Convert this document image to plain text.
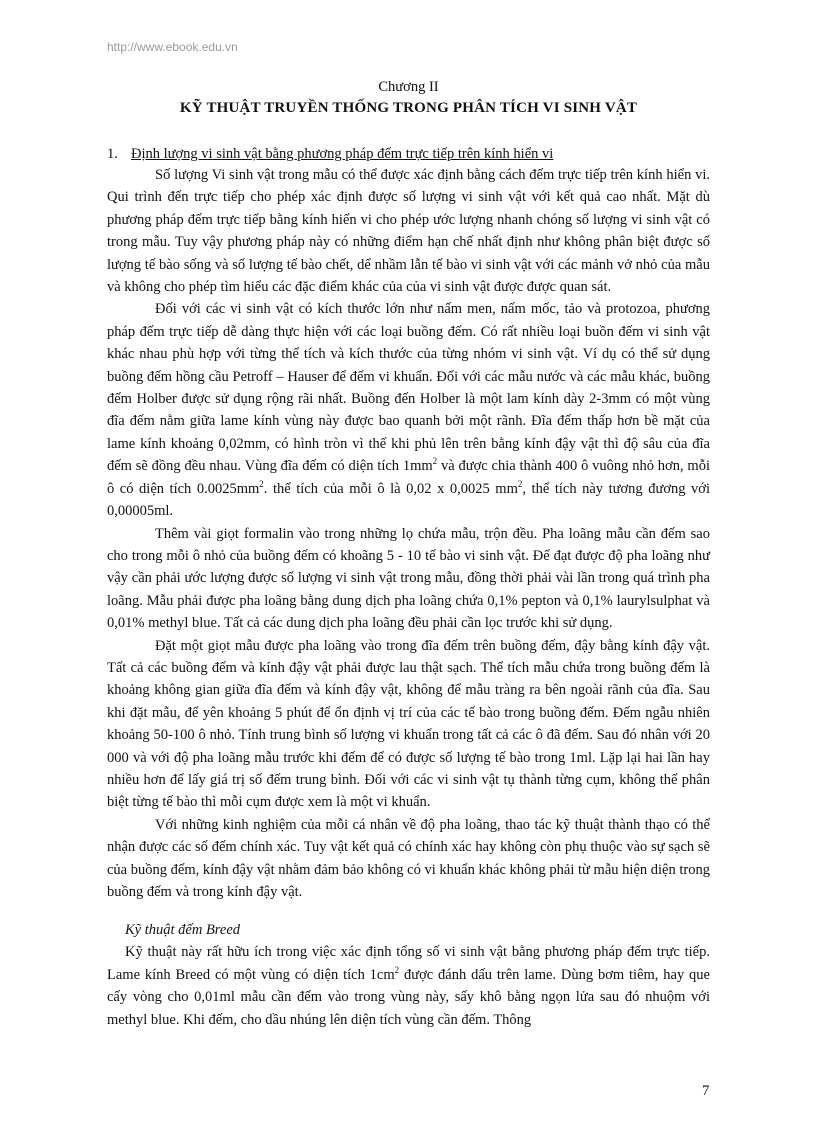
http://www.ebook.edu.vn
Chương II
KỸ THUẬT TRUYỀN THỐNG TRONG PHÂN TÍCH VI SINH VẬT
1. Định lượng vi sinh vật bằng phương pháp đếm trực tiếp trên kính hiển vi

Số lượng Vi sinh vật trong mẫu có thể được xác định bằng cách đếm trực tiếp trên kính hiển vi. Qui trình đến trực tiếp cho phép xác định được số lượng vi sinh vật với kết quả cao nhất. Mặt dù phương pháp đếm trực tiếp bằng kính hiển vi cho phép ước lượng nhanh chóng số lượng vi sinh vật có trong mẫu. Tuy vậy phương pháp này có những điểm hạn chế nhất định như không phân biệt được số lượng tế bào sống và số lượng tế bào chết, dể nhầm lẫn tế bào vi sinh vật với các mảnh vở nhỏ của mẫu và không cho phép tìm hiểu các đặc điểm khác của của vi sinh vật được được quan sát.

Đối với các vi sinh vật có kích thước lớn như nấm men, nấm mốc, tảo và protozoa, phương pháp đếm trực tiếp dễ dàng thực hiện với các loại buồng đếm. Có rất nhiều loại buồn đếm vi sinh vật khác nhau phù hợp với từng thể tích và kích thước của từng nhóm vi sinh vật. Ví dụ có thể sử dụng buồng đếm hồng cầu Petroff – Hauser để đếm vi khuẩn. Đối với các mẫu nước và các mẫu khác, buồng đếm Holber được sử dụng rộng rãi nhất. Buồng đến Holber là một lam kính dày 2-3mm có một vùng đĩa đếm nằm giữa lame kính vùng này được bao quanh bởi một rãnh. Đĩa đếm thấp hơn bề mặt của lame kính khoảng 0,02mm, có hình tròn vì thế khi phủ lên trên bằng kính đậy vật thì độ sâu của đĩa đếm sẽ đồng đều nhau. Vùng đĩa đếm có diện tích $1mm^2$ và được chia thành 400 ô vuông nhỏ hơn, mỗi ô có diện tích $0.0025mm^2$. thể tích của mỗi ô là 0,02 x 0,0025 $mm^2$, thể tích này tương đương với 0,00005ml.

Thêm vài giọt formalin vào trong những lọ chứa mẫu, trộn đều. Pha loãng mẫu cần đếm sao cho trong mỗi ô nhỏ của buồng đếm có khoãng 5 - 10 tế bào vi sinh vật. Để đạt được độ pha loãng như vậy cần phải ước lượng được số lượng vi sinh vật trong mẫu, đồng thời phải vài lần trong quá trình pha loãng. Mẫu phải được pha loãng bằng dung dịch pha loãng chứa 0,1% pepton và 0,1% laurylsulphat và 0,01% methyl blue. Tất cả các dung dịch pha loãng đều phải cần lọc trước khi sử dụng.

Đặt một giọt mẫu được pha loãng vào trong đĩa đếm trên buồng đếm, đậy bằng kính đậy vật. Tất cả các buồng đếm và kính đậy vật phải được lau thật sạch. Thể tích mẫu chứa trong buồng đếm là khoảng không gian giữa đĩa đếm và kính đậy vật, không để mẫu tràng ra bên ngoài rãnh của đĩa. Sau khi đặt mẫu, để yên khoảng 5 phút để ổn định vị trí của các tế bào trong buồng đếm. Đếm ngẫu nhiên khoảng 50-100 ô nhỏ. Tính trung bình số lượng vi khuẩn trong tất cả các ô đã đếm. Sau đó nhân với 20 000 và với độ pha loãng mẫu trước khi đếm để có được số lượng tế bào trong 1ml. Lặp lại hai lần hay nhiều hơn để lấy giá trị số đếm trung bình. Đối với các vi sinh vật tụ thành từng cụm, không thể phân biệt từng tế bào thì mỗi cụm được xem là một vi khuẩn.

Với những kinh nghiệm của mỗi cá nhân về độ pha loãng, thao tác kỹ thuật thành thạo có thể nhận được các số đếm chính xác. Tuy vật kết quả có chính xác hay không còn phụ thuộc vào sự sạch sẽ của buồng đếm, kính đậy vật nhằm đảm bảo không có vi khuẩn khác không phải từ mẫu hiện diện trong buồng đếm và trong kính đậy vật.

Kỹ thuật đếm Breed

Kỹ thuật này rất hữu ích trong việc xác định tổng số vi sinh vật bằng phương pháp đếm trực tiếp. Lame kính Breed có một vùng có diện tích $1cm^2$ được đánh dấu trên lame. Dùng bơm tiêm, hay que cấy vòng cho 0,01ml mẫu cần đếm vào trong vùng này, sấy khô bằng ngọn lửa sau đó nhuộm với methyl blue. Khi đếm, cho dầu nhúng lên diện tích vùng cần đếm. Thông

7
